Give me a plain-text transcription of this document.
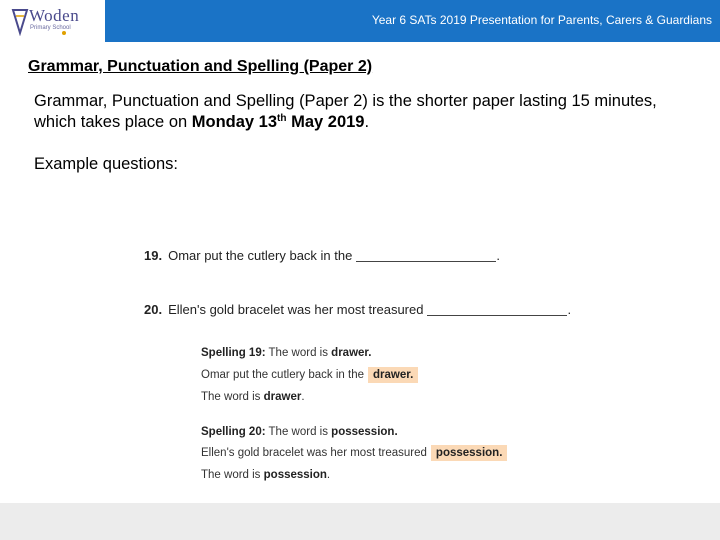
Woden
Primary School
Year 6 SATs 2019 Presentation for Parents, Carers & Guardians
Grammar, Punctuation and Spelling (Paper 2)
Grammar, Punctuation and Spelling (Paper 2) is the shorter paper lasting 15 minutes, which takes place on Monday 13th May 2019.
Example questions:
19. Omar put the cutlery back in the	.
20. Ellen's gold bracelet was her most treasured	.
Spelling 19: The word is drawer.
Omar put the cutlery back in the drawer.
The word is drawer.
Spelling 20: The word is possession.
Ellen's gold bracelet was her most treasured possession.
The word is possession.
